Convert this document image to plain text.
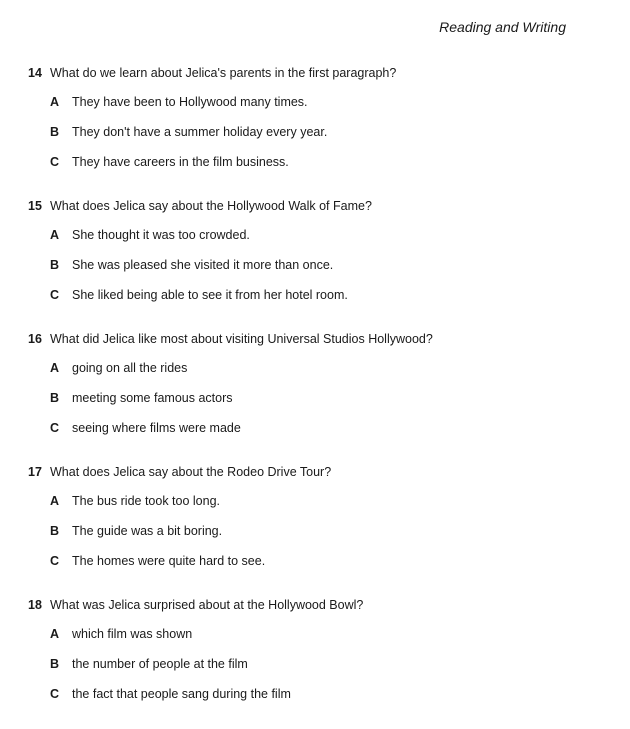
Reading and Writing
14 What do we learn about Jelica's parents in the first paragraph?
A	They have been to Hollywood many times.
B	They don't have a summer holiday every year.
C	They have careers in the film business.
15 What does Jelica say about the Hollywood Walk of Fame?
A	She thought it was too crowded.
B	She was pleased she visited it more than once.
C	She liked being able to see it from her hotel room.
16 What did Jelica like most about visiting Universal Studios Hollywood?
A	going on all the rides
B	meeting some famous actors
C	seeing where films were made
17 What does Jelica say about the Rodeo Drive Tour?
A	The bus ride took too long.
B	The guide was a bit boring.
C	The homes were quite hard to see.
18 What was Jelica surprised about at the Hollywood Bowl?
A	which film was shown
B	the number of people at the film
C	the fact that people sang during the film
